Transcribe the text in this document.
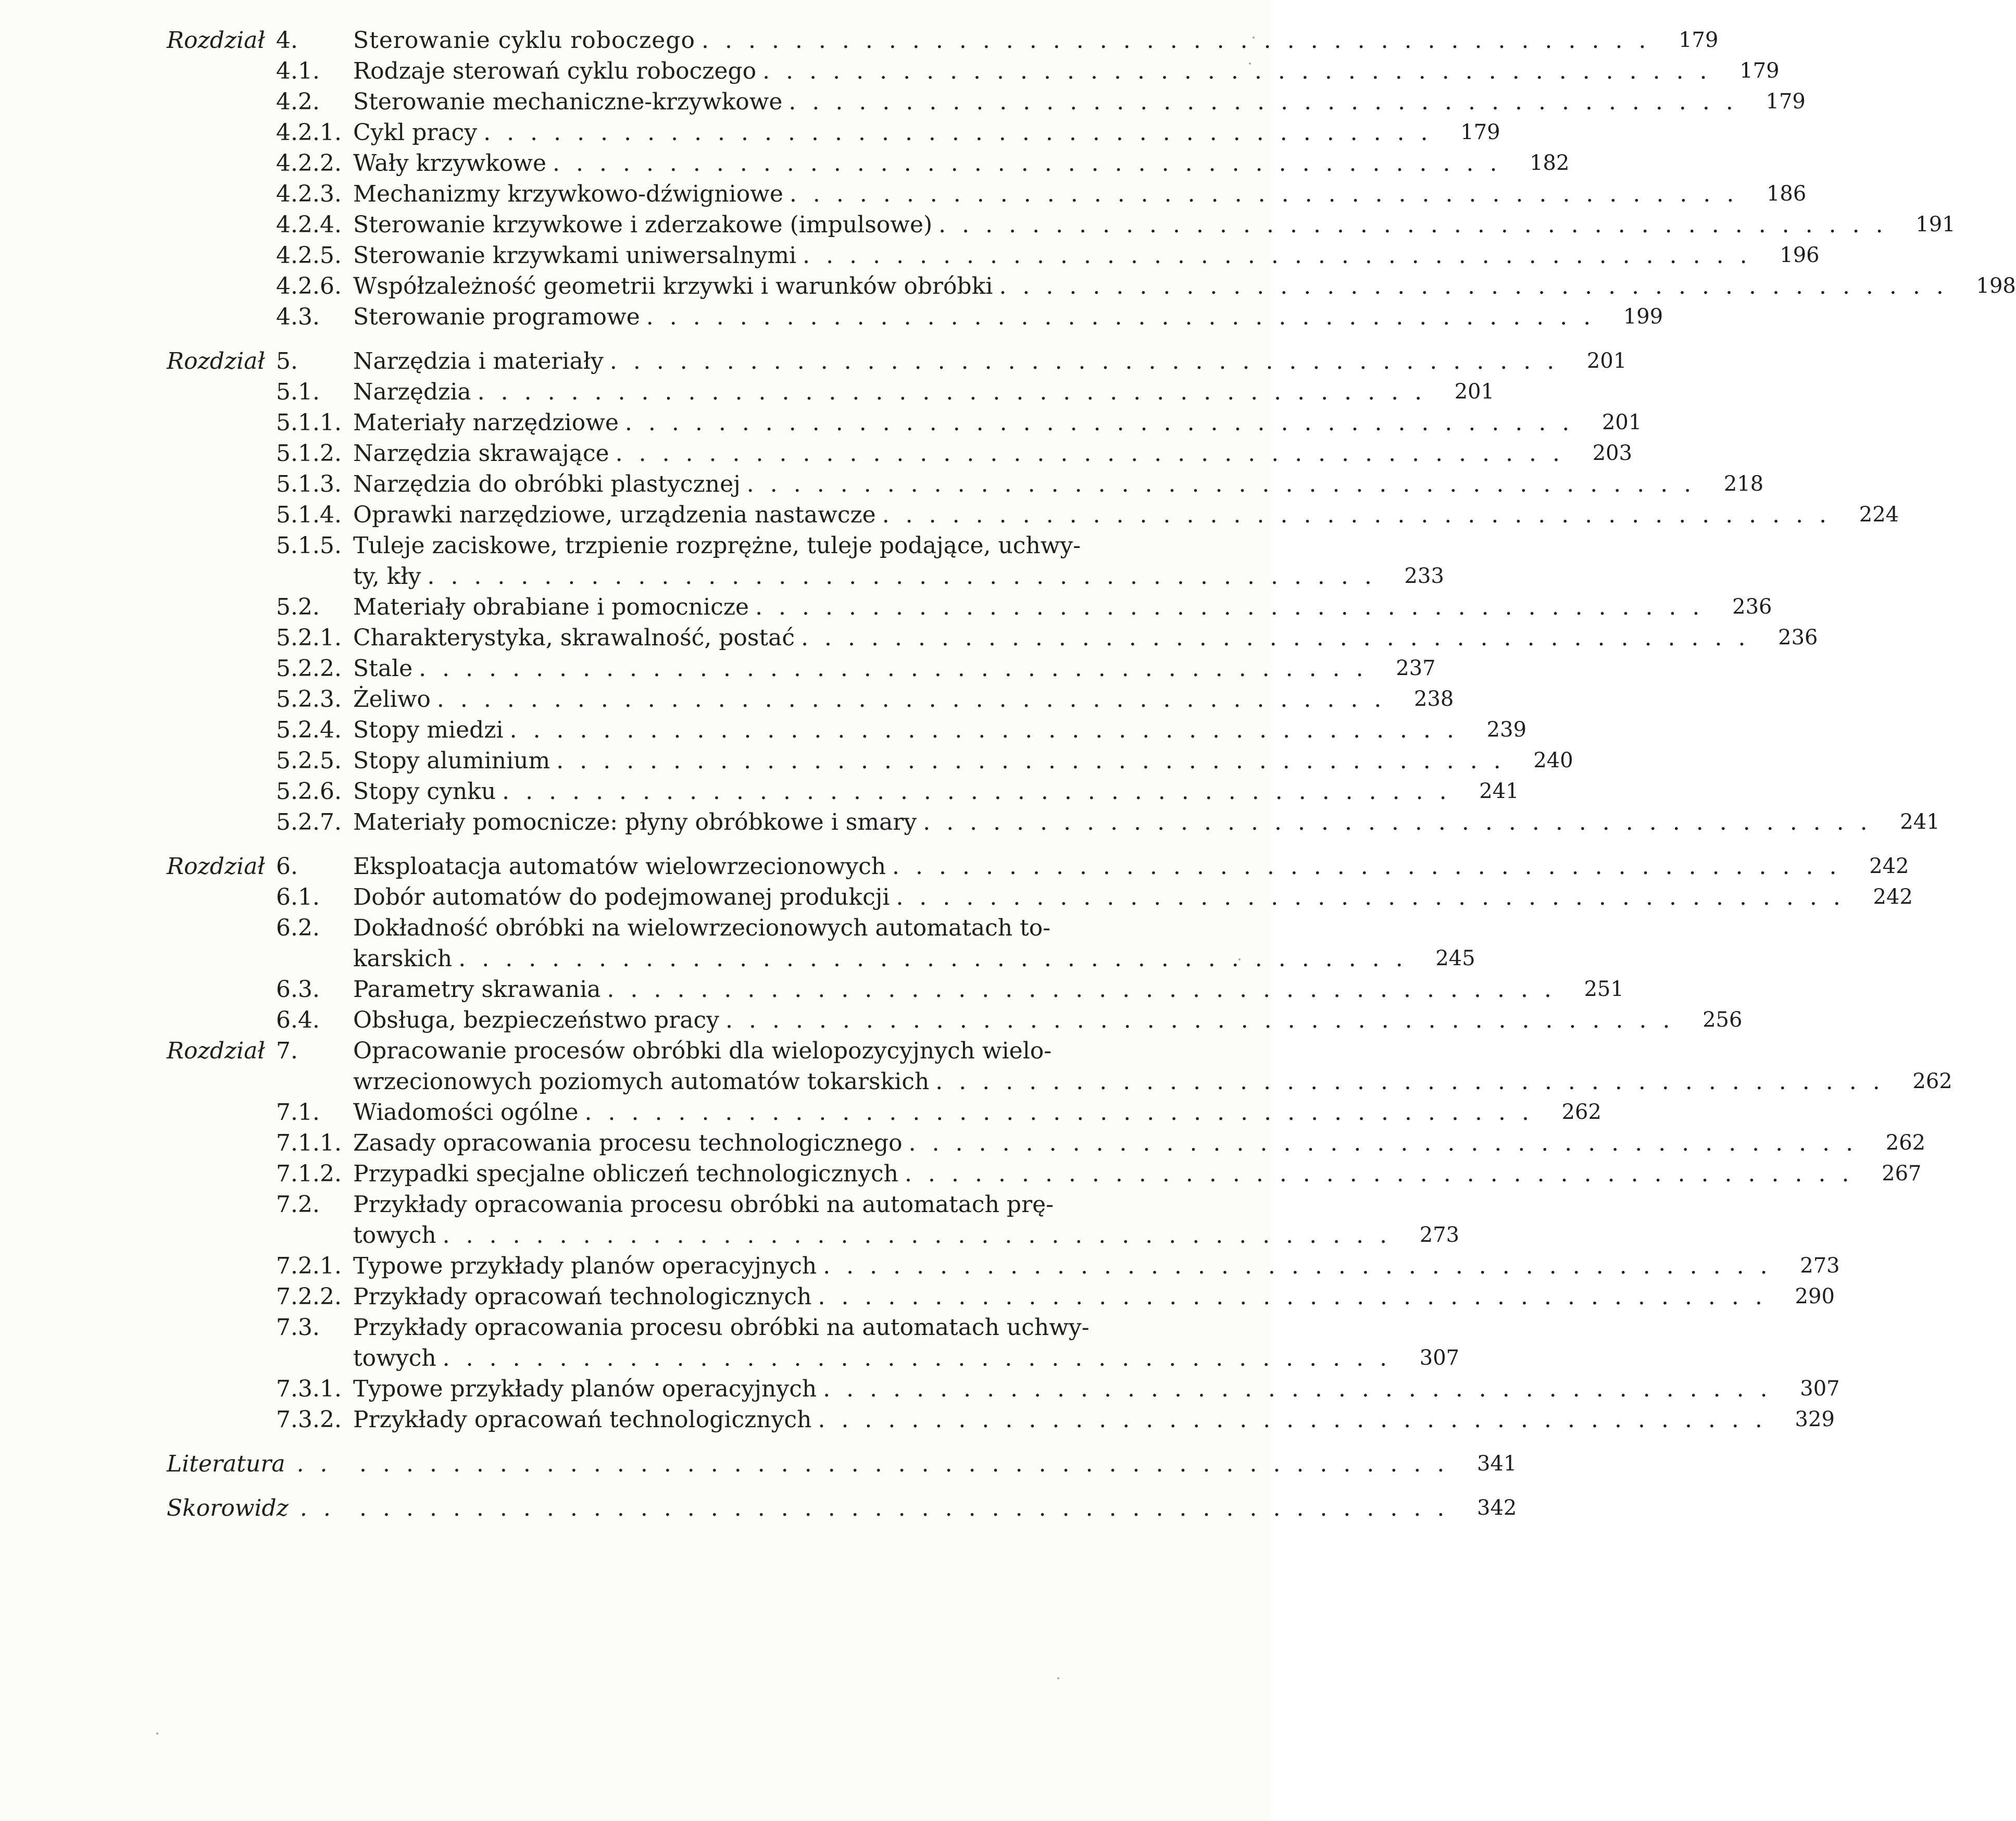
Rozdział 4.	Sterowanie cyklu roboczego ......................................... 179
4.1.	Rodzaje sterowań cyklu roboczego ......................................... 179
4.2.	Sterowanie mechaniczne-krzywkowe ......................................... 179
4.2.1. Cykl pracy ......................................... 179
4.2.2. Wały krzywkowe ......................................... 182
4.2.3. Mechanizmy krzywkowo-dźwigniowe ......................................... 186
4.2.4. Sterowanie krzywkowe i zderzakowe (impulsowe) ......................................... 191
4.2.5. Sterowanie krzywkami uniwersalnymi ......................................... 196
4.2.6. Współzależność geometrii krzywki i warunków obróbki ......................................... 198
4.3.	Sterowanie programowe ......................................... 199
Rozdział 5.	Narzędzia i materiały ......................................... 201
5.1.	Narzędzia ......................................... 201
5.1.1. Materiały narzędziowe ......................................... 201
5.1.2. Narzędzia skrawające ......................................... 203
5.1.3. Narzędzia do obróbki plastycznej ......................................... 218
5.1.4. Oprawki narzędziowe, urządzenia nastawcze ......................................... 224
5.1.5. Tuleje zaciskowe, trzpienie rozprężne, tuleje podające, uchwy-
ty, kły ......................................... 233
5.2.	Materiały obrabiane i pomocnicze ......................................... 236
5.2.1. Charakterystyka, skrawalność, postać ......................................... 236
5.2.2. Stale ......................................... 237
5.2.3. Żeliwo ......................................... 238
5.2.4. Stopy miedzi ......................................... 239
5.2.5. Stopy aluminium ......................................... 240
5.2.6. Stopy cynku ......................................... 241
5.2.7. Materiały pomocnicze: płyny obróbkowe i smary ......................................... 241
Rozdział 6.	Eksploatacja automatów wielowrzecionowych ......................................... 242
6.1.	Dobór automatów do podejmowanej produkcji ......................................... 242
6.2.	Dokładność obróbki na wielowrzecionowych automatach to-
karskich ......................................... 245
6.3.	Parametry skrawania ......................................... 251
6.4.	Obsługa, bezpieczeństwo pracy ......................................... 256
Rozdział 7.	Opracowanie procesów obróbki dla wielopozycyjnych wielo-
wrzecionowych poziomych automatów tokarskich ......................................... 262
7.1.	Wiadomości ogólne ......................................... 262
7.1.1. Zasady opracowania procesu technologicznego ......................................... 262
7.1.2. Przypadki specjalne obliczeń technologicznych ......................................... 267
7.2.	Przykłady opracowania procesu obróbki na automatach prę-
towych ......................................... 273
7.2.1. Typowe przykłady planów operacyjnych ......................................... 273
7.2.2. Przykłady opracowań technologicznych ......................................... 290
7.3.	Przykłady opracowania procesu obróbki na automatach uchwy-
towych ......................................... 307
7.3.1. Typowe przykłady planów operacyjnych ......................................... 307
7.3.2. Przykłady opracowań technologicznych ......................................... 329
Literatura .. ............................................... 341
Skorowidz .. ............................................... 342
